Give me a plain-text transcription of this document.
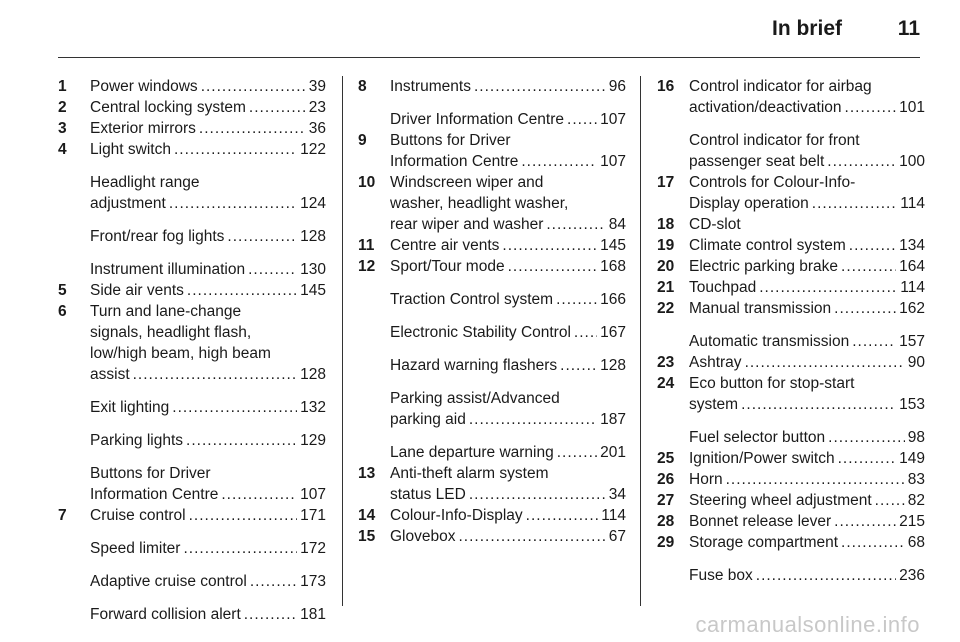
In brief	11
1 Power windows .....	39
2 Central locking system .....	23
3 Exterior mirrors .....	36
4 Light switch .....	122
Headlight range
adjustment .....	124
Front/rear fog lights .....	128
Instrument illumination .....	130
5 Side air vents .....	145
6 Turn and lane-change
signals, headlight flash,
low/high beam, high beam
assist .....	128
Exit lighting .....	132
Parking lights .....	129
Buttons for Driver
Information Centre .....	107
7 Cruise control .....	171
Speed limiter .....	172
Adaptive cruise control .....	173
Forward collision alert .....	181
8 Instruments .....	96
Driver Information Centre ..... 107
9 Buttons for Driver
Information Centre .....	107
10 Windscreen wiper and
washer, headlight washer,
rear wiper and washer .....	84
11 Centre air vents .....	145
12 Sport/Tour mode .....	168
Traction Control system .....	166
Electronic Stability Control ..... 167
Hazard warning flashers .....	128
Parking assist/Advanced
parking aid .....	187
Lane departure warning .....	201
13 Anti-theft alarm system
status LED .....	34
14 Colour-Info-Display .....	114
15 Glovebox .....	67
16 Control indicator for airbag
activation/deactivation .....	101
Control indicator for front
passenger seat belt .....	100
17 Controls for Colour-Info-
Display operation .....	114
18 CD-slot
19 Climate control system .....	134
20 Electric parking brake .....	164
21 Touchpad .....	114
22 Manual transmission .....	162
Automatic transmission .....	157
23 Ashtray .....	90
24 Eco button for stop-start
system .....	153
Fuel selector button .....	98
25 Ignition/Power switch .....	149
26 Horn .....	83
27 Steering wheel adjustment ..... 82
28 Bonnet release lever .....	215
29 Storage compartment .....	68
Fuse box .....	236
carmanualsonline.info
